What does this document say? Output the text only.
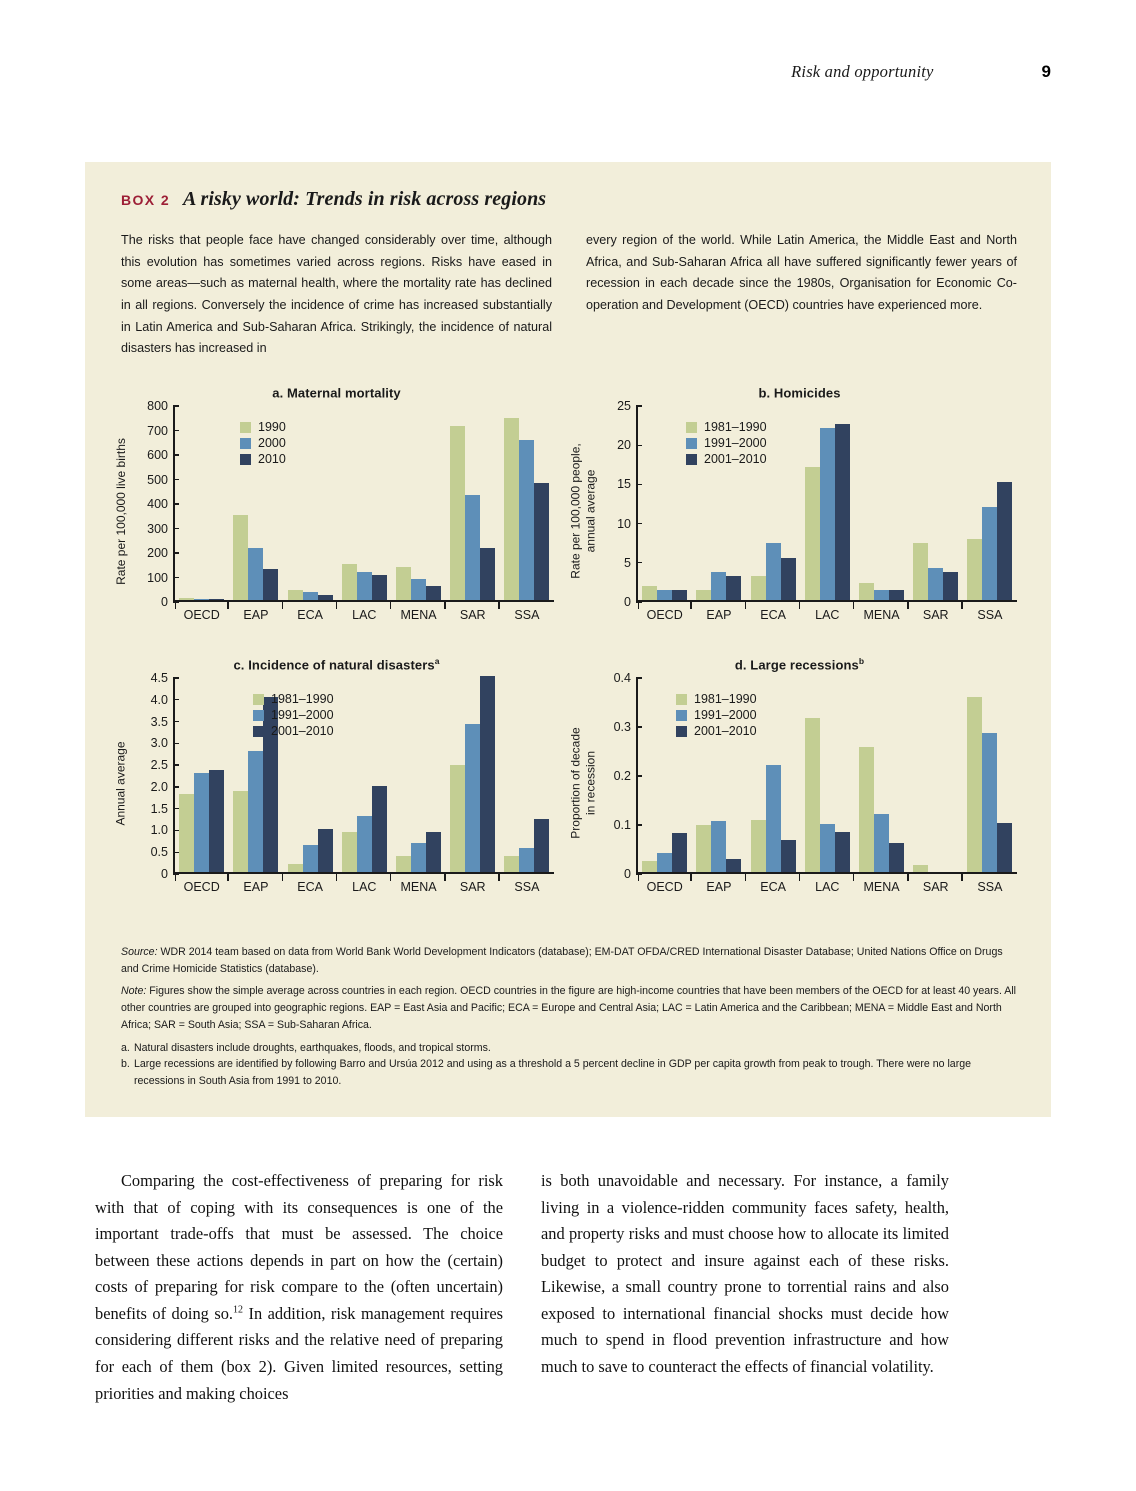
Risk and opportunity	9
BOX 2 A risky world: Trends in risk across regions

The risks that people face have changed considerably over time, although this evolution has sometimes varied across regions. Risks have eased in some areas—such as maternal health, where the mortality rate has declined in all regions. Conversely the incidence of crime has increased substantially in Latin America and Sub-Saharan Africa. Strikingly, the incidence of natural disasters has increased in

every region of the world. While Latin America, the Middle East and North Africa, and Sub-Saharan Africa all have suffered significantly fewer years of recession in each decade since the 1980s, Organisation for Economic Co-operation and Development (OECD) countries have experienced more.

a. Maternal mortality

Rate per 100,000 live births
0
100
200
300
400
500
600
700
800
OECD	EAP	ECA	LAC	MENA	SAR	SSA
1990
2000
2010

b. Homicides

Rate per 100,000 people,
annual average
0
5
10
15
20
25
OECD	EAP	ECA	LAC	MENA	SAR	SSA
1981–1990
1991–2000
2001–2010

c. Incidence of natural disasters$^a$

Annual average
0
0.5
1.0
1.5
2.0
2.5
3.0
3.5
4.0
4.5
OECD	EAP	ECA	LAC	MENA	SAR	SSA
1981–1990
1991–2000
2001–2010

d. Large recessions$^b$

Proportion of decade
in recession
0
0.1
0.2
0.3
0.4
OECD	EAP	ECA	LAC	MENA	SAR	SSA
1981–1990
1991–2000
2001–2010

Source: WDR 2014 team based on data from World Bank World Development Indicators (database); EM-DAT OFDA/CRED International Disaster Database; United Nations Office on Drugs and Crime Homicide Statistics (database).

Note: Figures show the simple average across countries in each region. OECD countries in the figure are high-income countries that have been members of the OECD for at least 40 years. All other countries are grouped into geographic regions. EAP = East Asia and Pacific; ECA = Europe and Central Asia; LAC = Latin America and the Caribbean; MENA = Middle East and North Africa; SAR = South Asia; SSA = Sub-Saharan Africa.

a. Natural disasters include droughts, earthquakes, floods, and tropical storms.

b. Large recessions are identified by following Barro and Ursúa 2012 and using as a threshold a 5 percent decline in GDP per capita growth from peak to trough. There were no large recessions in South Asia from 1991 to 2010.

Comparing the cost-effectiveness of preparing for risk with that of coping with its consequences is one of the important trade-offs that must be assessed. The choice between these actions depends in part on how the (certain) costs of preparing for risk compare to the (often uncertain) benefits of doing so.$^{12}$ In addition, risk management requires considering different risks and the relative need of preparing for each of them (box 2). Given limited resources, setting priorities and making choices

is both unavoidable and necessary. For instance, a family living in a violence-ridden community faces safety, health, and property risks and must choose how to allocate its limited budget to protect and insure against each of these risks. Likewise, a small country prone to torrential rains and also exposed to international financial shocks must decide how much to spend in flood prevention infrastructure and how much to save to counteract the effects of financial volatility.
